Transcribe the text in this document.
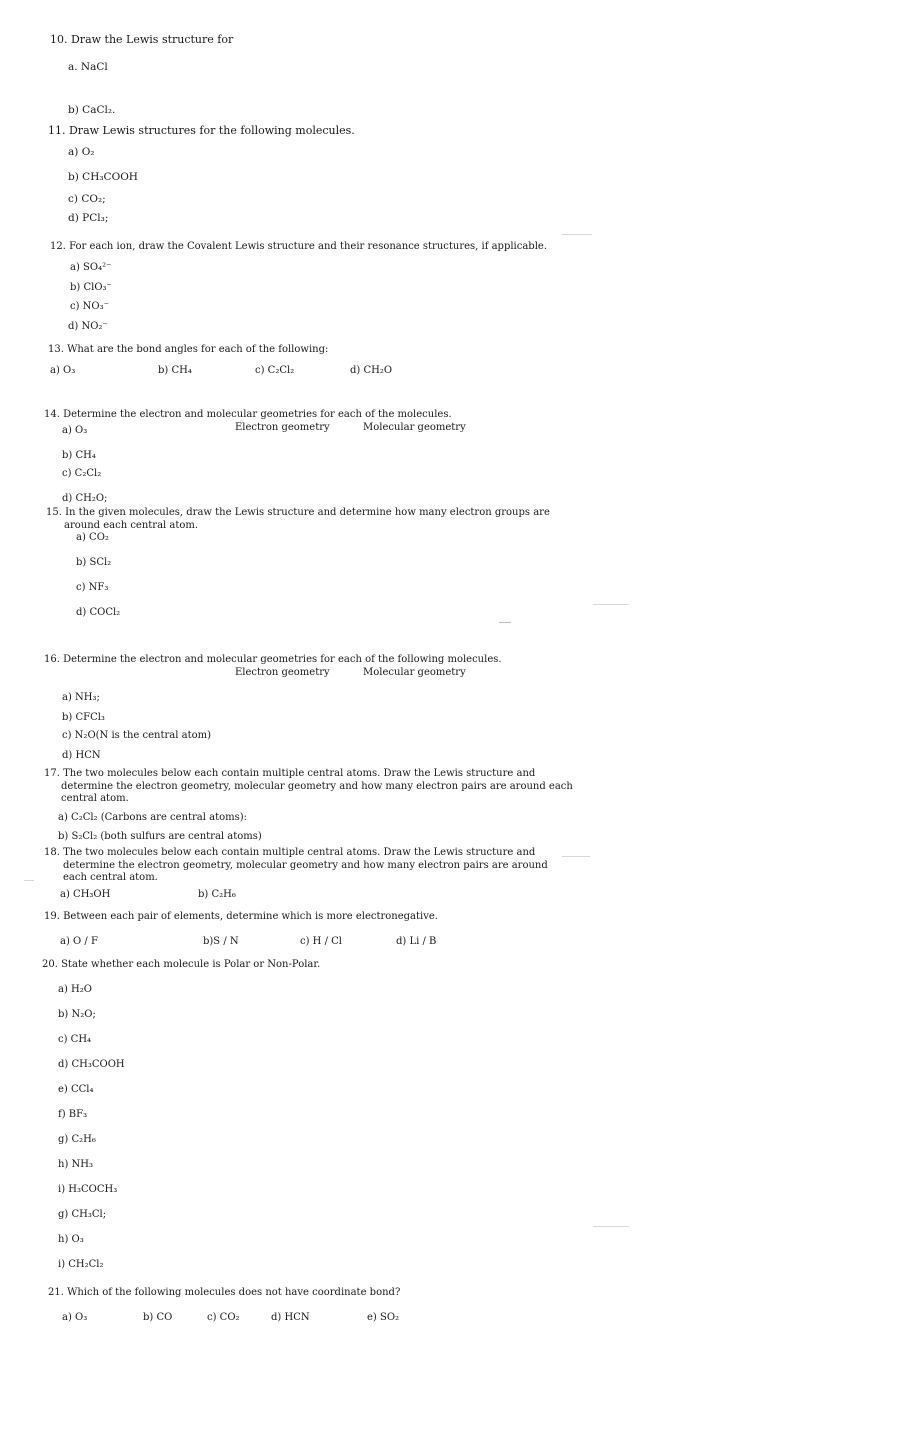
10. Draw the Lewis structure for
a. NaCl
b) CaCl₂.
11. Draw Lewis structures for the following molecules.
a) O₂
b) CH₃COOH
c) CO₂;
d) PCl₃;
12. For each ion, draw the Covalent Lewis structure and their resonance structures, if applicable.
a) SO₄²⁻
b) ClO₃⁻
c) NO₃⁻
d) NO₂⁻
13. What are the bond angles for each of the following:
a) O₃	b) CH₄	c) C₂Cl₂	d) CH₂O
14. Determine the electron and molecular geometries for each of the molecules.
Electron geometry	Molecular geometry
a) O₃
b) CH₄
c) C₂Cl₂
d) CH₂O;
15. In the given molecules, draw the Lewis structure and determine how many electron groups are
around each central atom.
a) CO₂
b) SCl₂
c) NF₃
d) COCl₂
16. Determine the electron and molecular geometries for each of the following molecules.
Electron geometry	Molecular geometry
a) NH₃;
b) CFCl₃
c) N₂O(N is the central atom)
d) HCN
17. The two molecules below each contain multiple central atoms. Draw the Lewis structure and
determine the electron geometry, molecular geometry and how many electron pairs are around each
central atom.
a) C₂Cl₂ (Carbons are central atoms):
b) S₂Cl₂ (both sulfurs are central atoms)
18. The two molecules below each contain multiple central atoms. Draw the Lewis structure and
determine the electron geometry, molecular geometry and how many electron pairs are around
each central atom.
a) CH₃OH	b) C₂H₆
19. Between each pair of elements, determine which is more electronegative.
a) O / F	b)S / N	c) H / Cl	d) Li / B
20. State whether each molecule is Polar or Non-Polar.
a) H₂O
b) N₂O;
c) CH₄
d) CH₃COOH
e) CCl₄
f) BF₃
g) C₂H₆
h) NH₃
i) H₃COCH₃
g) CH₃Cl;
h) O₃
i) CH₂Cl₂
21. Which of the following molecules does not have coordinate bond?
a) O₃	b) CO	c) CO₂	d) HCN	e) SO₂
